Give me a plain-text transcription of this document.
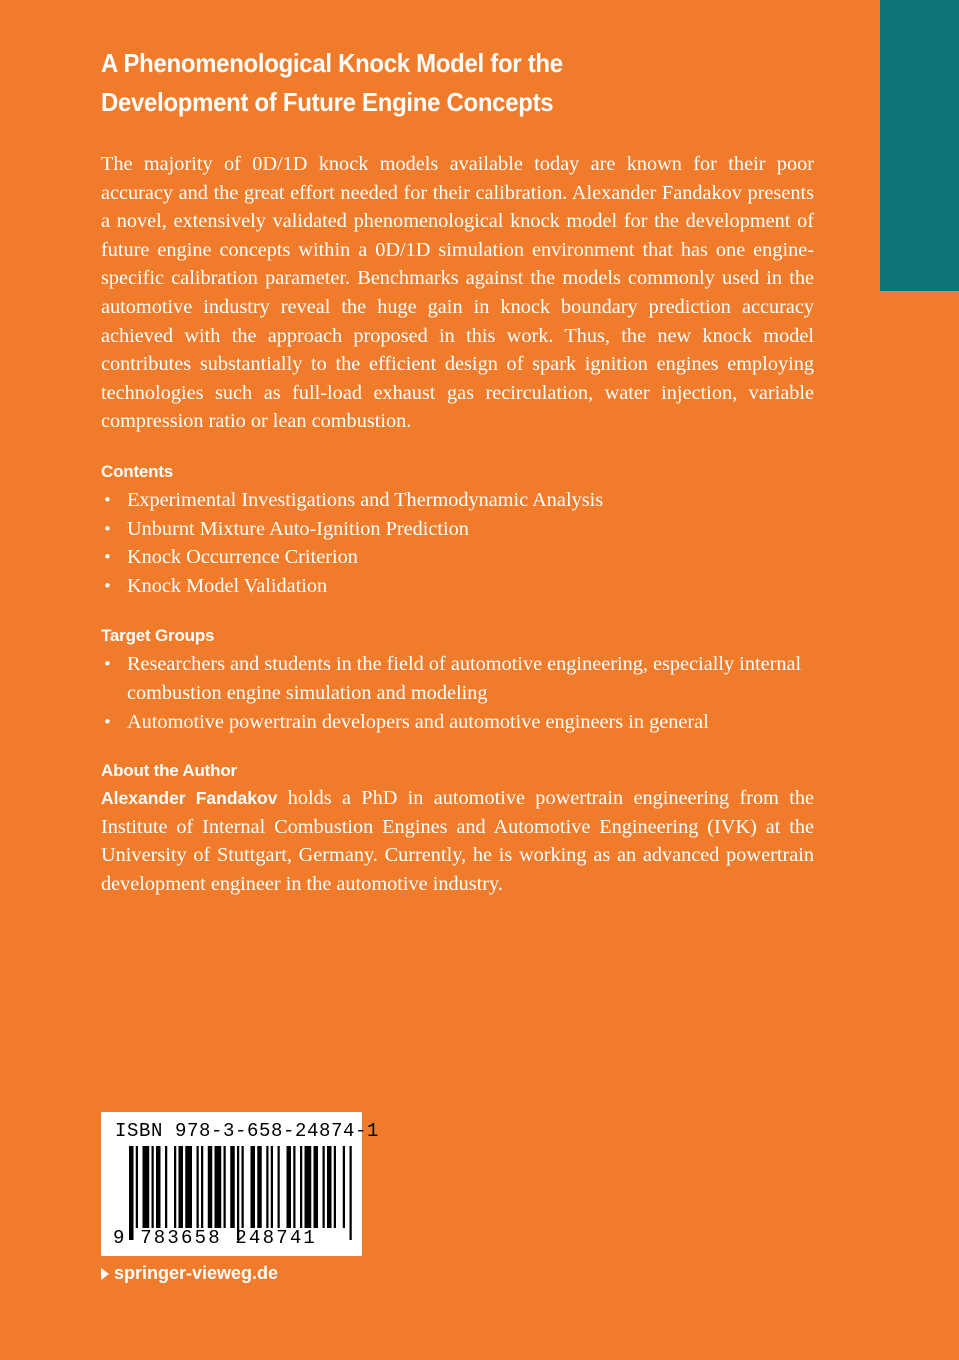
A Phenomenological Knock Model for the
Development of Future Engine Concepts

The majority of 0D/1D knock models available today are known for their poor accuracy and the great effort needed for their calibration. Alexander Fandakov presents a novel, extensively validated phenomenological knock model for the development of future engine concepts within a 0D/1D simulation environment that has one engine-specific calibration parameter. Benchmarks against the models commonly used in the automotive industry reveal the huge gain in knock boundary prediction accuracy achieved with the approach proposed in this work. Thus, the new knock model contributes substantially to the efficient design of spark ignition engines employing technologies such as full-load exhaust gas recirculation, water injection, variable compression ratio or lean combustion.

Contents
• Experimental Investigations and Thermodynamic Analysis
• Unburnt Mixture Auto-Ignition Prediction
• Knock Occurrence Criterion
• Knock Model Validation
Target Groups
• Researchers and students in the field of automotive engineering, especially internal combustion engine simulation and modeling
• Automotive powertrain developers and automotive engineers in general
About the Author

Alexander Fandakov holds a PhD in automotive powertrain engineering from the Institute of Internal Combustion Engines and Automotive Engineering (IVK) at the University of Stuttgart, Germany. Currently, he is working as an advanced powertrain development engineer in the automotive industry.

ISBN 978-3-658-24874-1
9 783658 248741
springer-vieweg.de
